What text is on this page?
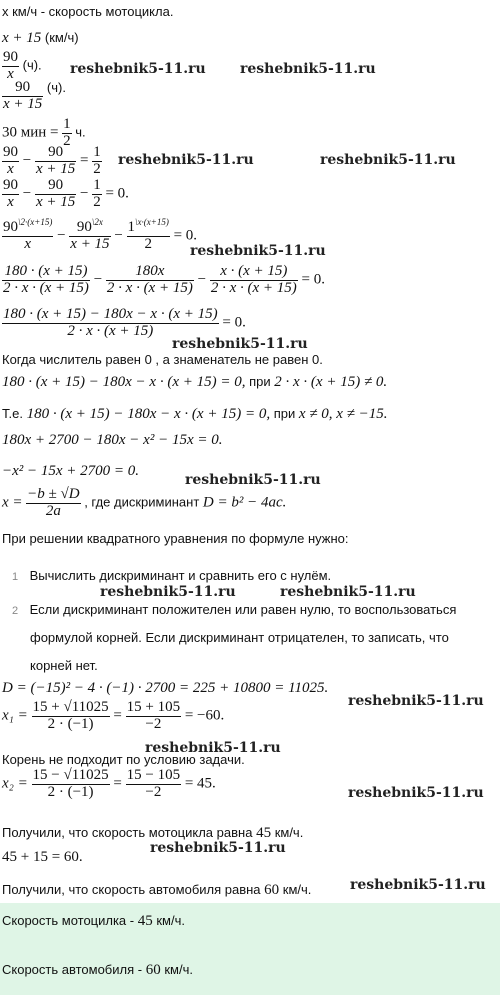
x км/ч - скорость мотоцикла.
x + 15 (км/ч)
$\frac{90}{x} (ч)$. reshebnik5-11.ru reshebnik5-11.ru
$\frac{90}{x + 15} (ч)$.
30 мин = $\frac{1}{2} ч$.
$\frac{90}{x} - \frac{90}{x + 15} = \frac{1}{2}$ reshebnik5-11.ru	reshebnik5-11.ru
$\frac{90}{x} - \frac{90}{x + 15} - \frac{1}{2} = 0$.
$\frac{90^{\backslash 2\cdot(x+15)}}{x} - \frac{90^{\backslash 2x}}{x + 15} - \frac{1^{\backslash x\cdot(x+15)}}{2} = 0$.
reshebnik5-11.ru
$\frac{180 \cdot (x + 15)}{2 \cdot x \cdot (x + 15)} - \frac{180x}{2 \cdot x \cdot (x + 15)} - \frac{x \cdot (x + 15)}{2 \cdot x \cdot (x + 15)} = 0$.
$\frac{180 \cdot (x + 15) - 180x - x \cdot (x + 15)}{2 \cdot x \cdot (x + 15)} = 0$.
reshebnik5-11.ru
Когда числитель равен 0 , а знаменатель не равен 0.
180 · (x + 15) − 180x − x · (x + 15) = 0, при 2 · x · (x + 15) ≠ 0.
Т.е. 180 · (x + 15) − 180x − x · (x + 15) = 0, при x ≠ 0, x ≠ −15.
180x + 2700 − 180x − x² − 15x = 0.
−x² − 15x + 2700 = 0.
reshebnik5-11.ru
$x = \frac{-b \pm √D}{2a}$ , где дискриминант D = b² − 4ac.
При решении квадратного уравнения по формуле нужно:
1 Вычислить дискриминант и сравнить его с нулём.
reshebnik5-11.ru	reshebnik5-11.ru
2 Если дискриминант положителен или равен нулю, то воспользоваться
формулой корней. Если дискриминант отрицателен, то записать, что
корней нет.
D = (−15)² − 4 · (−1) · 2700 = 225 + 10800 = 11025.
reshebnik5-11.ru
$x_1 = \frac{15 + √11025}{2 \cdot (-1)} = \frac{15 + 105}{-2} = -60$.
reshebnik5-11.ru
Корень не подходит по условию задачи.
$x_2 = \frac{15 - √11025}{2 \cdot (-1)} = \frac{15 - 105}{-2} = 45$.
reshebnik5-11.ru
Получили, что скорость мотоцикла равна 45 км/ч.
45 + 15 = 60.
reshebnik5-11.ru
Получили, что скорость автомобиля равна 60 км/ч.	reshebnik5-11.ru
Скорость мотоцилка - 45 км/ч.
Скорость автомобиля - 60 км/ч.
